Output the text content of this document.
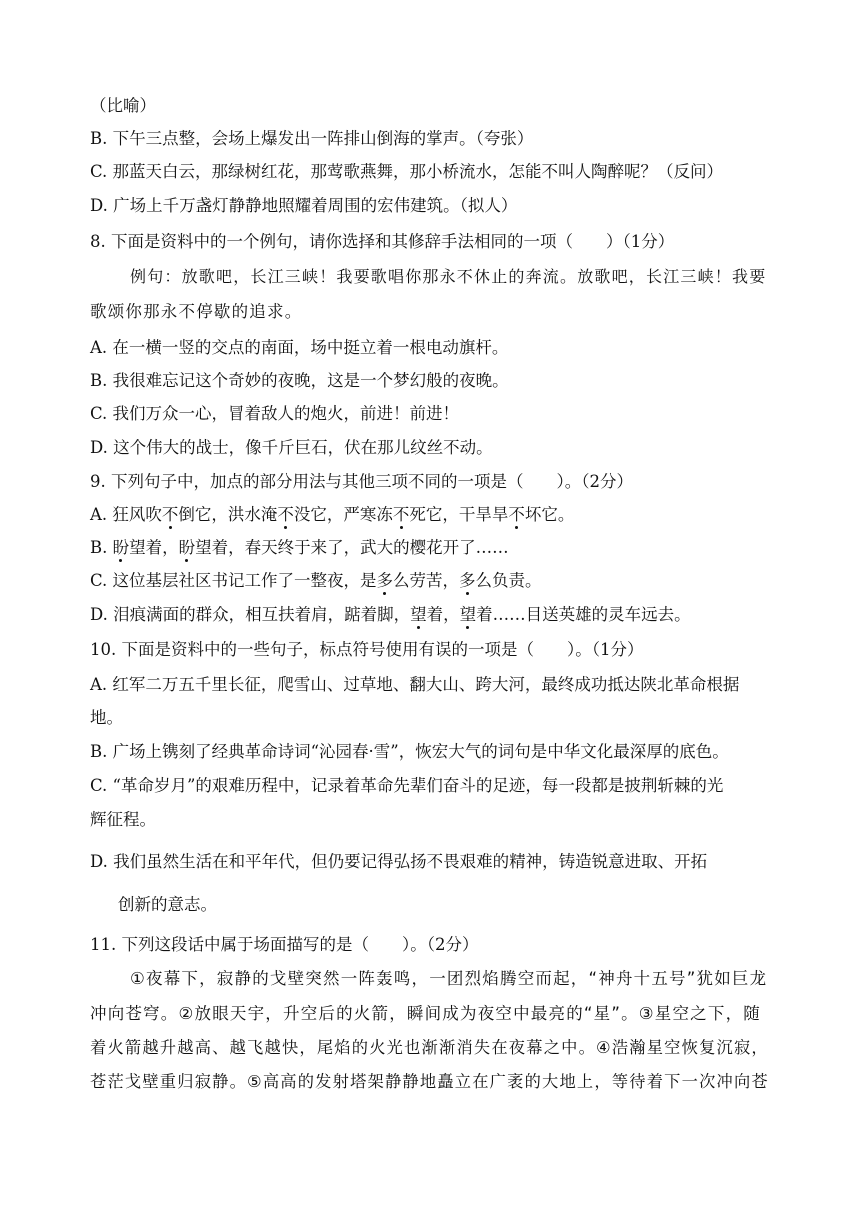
（比喻）
B. 下午三点整，会场上爆发出一阵排山倒海的掌声。（夸张）
C. 那蓝天白云，那绿树红花，那莺歌燕舞，那小桥流水，怎能不叫人陶醉呢？（反问）
D. 广场上千万盏灯静静地照耀着周围的宏伟建筑。（拟人）
8. 下面是资料中的一个例句，请你选择和其修辞手法相同的一项（　　）（1分）
例句：放歌吧，长江三峡！我要歌唱你那永不休止的奔流。放歌吧，长江三峡！我要
歌颂你那永不停歇的追求。
A. 在一横一竖的交点的南面，场中挺立着一根电动旗杆。
B. 我很难忘记这个奇妙的夜晚，这是一个梦幻般的夜晚。
C. 我们万众一心，冒着敌人的炮火，前进！前进！
D. 这个伟大的战士，像千斤巨石，伏在那儿纹丝不动。
9. 下列句子中，加点的部分用法与其他三项不同的一项是（　　）。（2分）
A. 狂风吹不倒它，洪水淹不没它，严寒冻不死它，干旱旱不坏它。
B. 盼望着，盼望着，春天终于来了，武大的樱花开了……
C. 这位基层社区书记工作了一整夜，是多么劳苦，多么负责。
D. 泪痕满面的群众，相互扶着肩，踮着脚，望着，望着……目送英雄的灵车远去。
10. 下面是资料中的一些句子，标点符号使用有误的一项是（　　）。（1分）
A. 红军二万五千里长征，爬雪山、过草地、翻大山、跨大河，最终成功抵达陕北革命根据
地。
B. 广场上镌刻了经典革命诗词“沁园春·雪”，恢宏大气的词句是中华文化最深厚的底色。
C. “革命岁月”的艰难历程中，记录着革命先辈们奋斗的足迹，每一段都是披荆斩棘的光
辉征程。
D. 我们虽然生活在和平年代，但仍要记得弘扬不畏艰难的精神，铸造锐意进取、开拓
创新的意志。
11. 下列这段话中属于场面描写的是（　　）。（2分）
①夜幕下，寂静的戈壁突然一阵轰鸣，一团烈焰腾空而起，“神舟十五号”犹如巨龙
冲向苍穹。②放眼天宇，升空后的火箭，瞬间成为夜空中最亮的“星”。③星空之下，随
着火箭越升越高、越飞越快，尾焰的火光也渐渐消失在夜幕之中。④浩瀚星空恢复沉寂，
苍茫戈壁重归寂静。⑤高高的发射塔架静静地矗立在广袤的大地上，等待着下一次冲向苍
